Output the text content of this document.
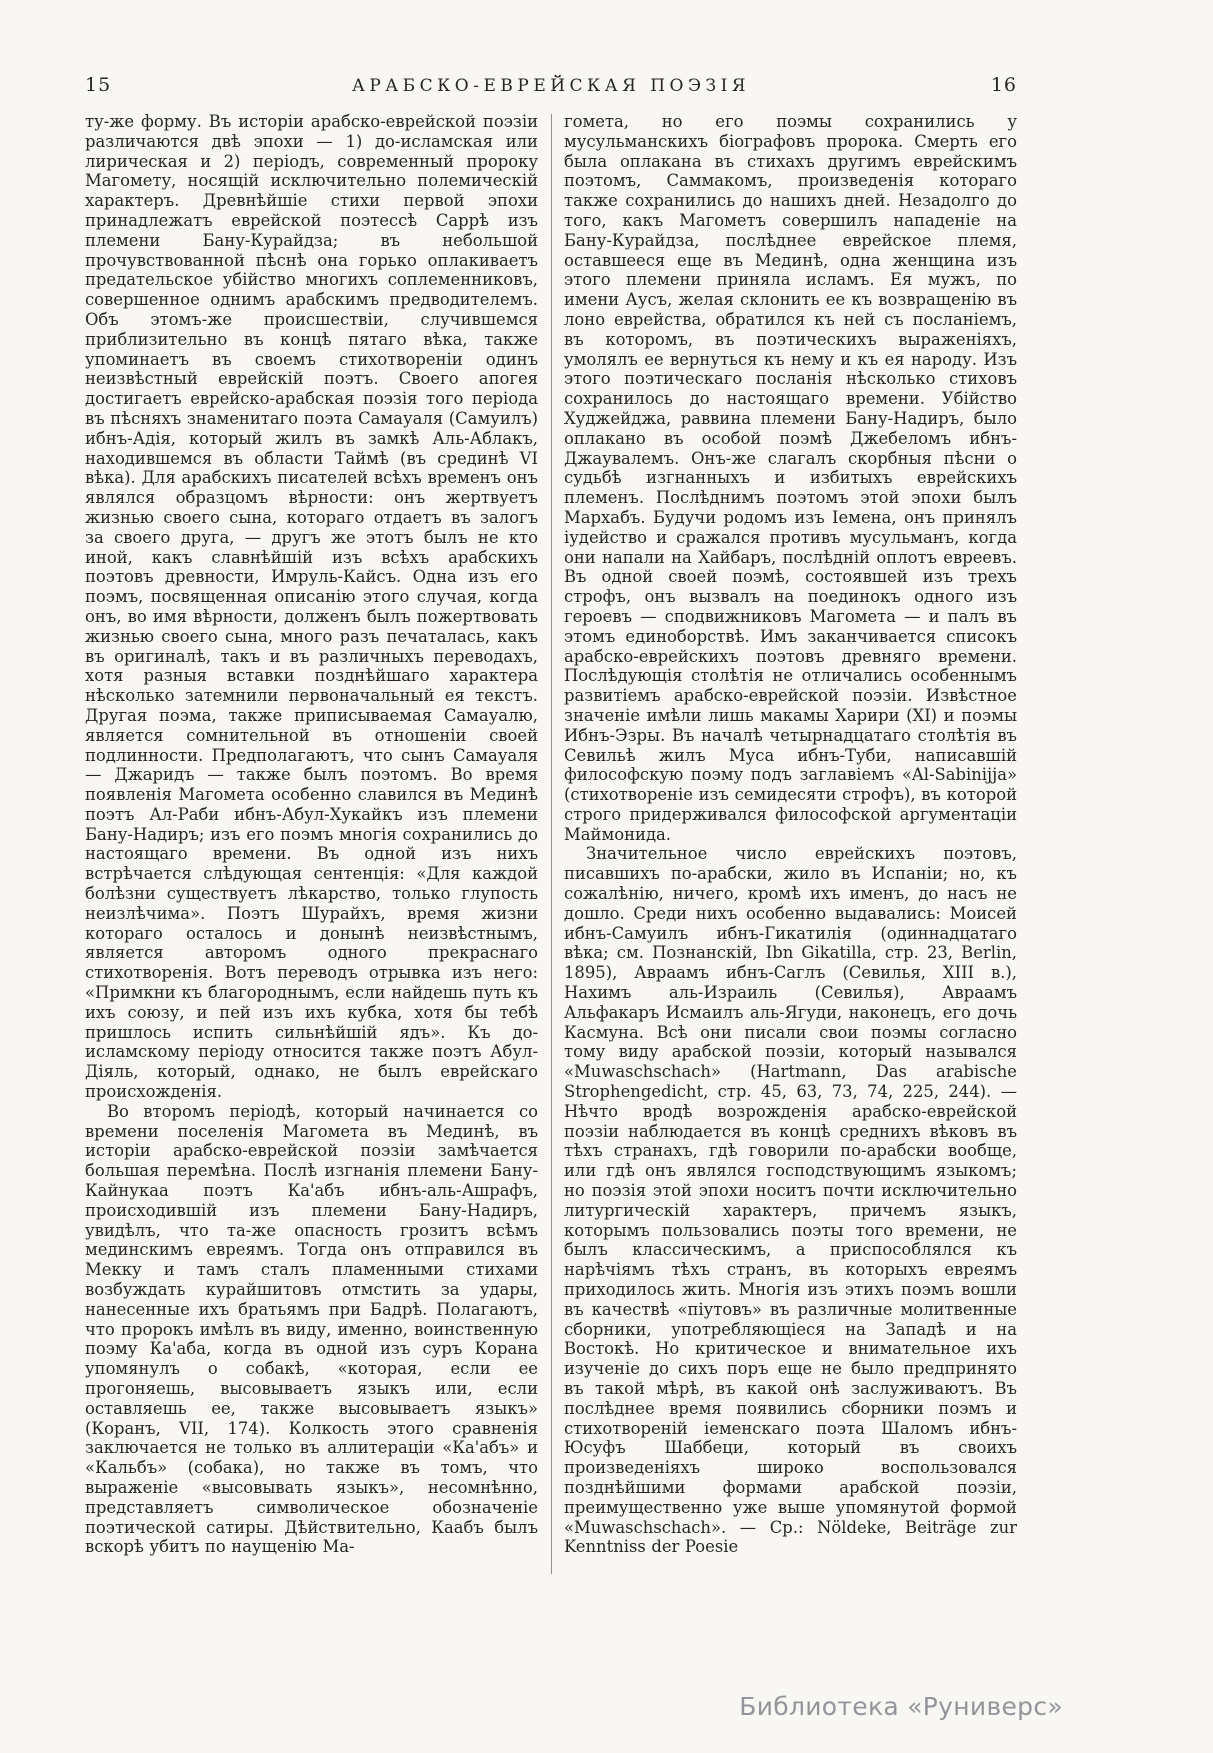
15	АРАБСКО-ЕВРЕЙСКАЯ ПОЭЗІЯ	16

ту-же форму. Въ исторіи арабско-еврейской поэзіи различаются двѣ эпохи — 1) до-исламская или лирическая и 2) періодъ, современный пророку Магомету, носящій исключительно полемическій характеръ. Древнѣйшіе стихи первой эпохи принадлежатъ еврейской поэтессѣ Саррѣ изъ племени Бану-Курайдза; въ небольшой прочувствованной пѣснѣ она горько оплакиваетъ предательское убійство многихъ соплеменниковъ, совершенное однимъ арабскимъ предводителемъ. Объ этомъ-же происшествіи, случившемся приблизительно въ концѣ пятаго вѣка, также упоминаетъ въ своемъ стихотвореніи одинъ неизвѣстный еврейскій поэтъ. Своего апогея достигаетъ еврейско-арабская поэзія того періода въ пѣсняхъ знаменитаго поэта Самауаля (Самуилъ) ибнъ-Адія, который жилъ въ замкѣ Аль-Аблакъ, находившемся въ области Таймѣ (въ срединѣ VI вѣка). Для арабскихъ писателей всѣхъ временъ онъ являлся образцомъ вѣрности: онъ жертвуетъ жизнью своего сына, котораго отдаетъ въ залогъ за своего друга, — другъ же этотъ былъ не кто иной, какъ славнѣйшій изъ всѣхъ арабскихъ поэтовъ древности, Имруль-Кайсъ. Одна изъ его поэмъ, посвященная описанію этого случая, когда онъ, во имя вѣрности, долженъ былъ пожертвовать жизнью своего сына, много разъ печаталась, какъ въ оригиналѣ, такъ и въ различныхъ переводахъ, хотя разныя вставки позднѣйшаго характера нѣсколько затемнили первоначальный ея текстъ. Другая поэма, также приписываемая Самауалю, является сомнительной въ отношеніи своей подлинности. Предполагаютъ, что сынъ Самауаля — Джаридъ — также былъ поэтомъ. Во время появленія Магомета особенно славился въ Мединѣ поэтъ Ал-Раби ибнъ-Абул-Хукайкъ изъ племени Бану-Надиръ; изъ его поэмъ многія сохранились до настоящаго времени. Въ одной изъ нихъ встрѣчается слѣдующая сентенція: «Для каждой болѣзни существуетъ лѣкарство, только глупость неизлѣчима». Поэтъ Шурайхъ, время жизни котораго осталось и донынѣ неизвѣстнымъ, является авторомъ одного прекраснаго стихотворенія. Вотъ переводъ отрывка изъ него: «Примкни къ благороднымъ, если найдешь путь къ ихъ союзу, и пей изъ ихъ кубка, хотя бы тебѣ пришлось испить сильнѣйшій ядъ». Къ до-исламскому періоду относится также поэтъ Абул-Діяль, который, однако, не былъ еврейскаго происхожденія.

Во второмъ періодѣ, который начинается со времени поселенія Магомета въ Мединѣ, въ исторіи арабско-еврейской поэзіи замѣчается большая перемѣна. Послѣ изгнанія племени Бану-Кайнукаа поэтъ Ка'абъ ибнъ-аль-Ашрафъ, происходившій изъ племени Бану-Надиръ, увидѣлъ, что та-же опасность грозитъ всѣмъ мединскимъ евреямъ. Тогда онъ отправился въ Мекку и тамъ сталъ пламенными стихами возбуждать курайшитовъ отмстить за удары, нанесенные ихъ братьямъ при Бадрѣ. Полагаютъ, что пророкъ имѣлъ въ виду, именно, воинственную поэму Ка'аба, когда въ одной изъ суръ Корана упомянулъ о собакѣ, «которая, если ее прогоняешь, высовываетъ языкъ или, если оставляешь ее, также высовываетъ языкъ» (Коранъ, VII, 174). Колкость этого сравненія заключается не только въ аллитераціи «Ка'абъ» и «Кальбъ» (собака), но также въ томъ, что выраженіе «высовывать языкъ», несомнѣнно, представляетъ символическое обозначеніе поэтической сатиры. Дѣйствительно, Каабъ былъ вскорѣ убитъ по наущенію Ма-

гомета, но его поэмы сохранились у мусульманскихъ біографовъ пророка. Смерть его была оплакана въ стихахъ другимъ еврейскимъ поэтомъ, Саммакомъ, произведенія котораго также сохранились до нашихъ дней. Незадолго до того, какъ Магометъ совершилъ нападеніе на Бану-Курайдза, послѣднее еврейское племя, оставшееся еще въ Мединѣ, одна женщина изъ этого племени приняла исламъ. Ея мужъ, по имени Аусъ, желая склонить ее къ возвращенію въ лоно еврейства, обратился къ ней съ посланіемъ, въ которомъ, въ поэтическихъ выраженіяхъ, умолялъ ее вернуться къ нему и къ ея народу. Изъ этого поэтическаго посланія нѣсколько стиховъ сохранилось до настоящаго времени. Убійство Худжейджа, раввина племени Бану-Надиръ, было оплакано въ особой поэмѣ Джебеломъ ибнъ-Джаувалемъ. Онъ-же слагалъ скорбныя пѣсни о судьбѣ изгнанныхъ и избитыхъ еврейскихъ племенъ. Послѣднимъ поэтомъ этой эпохи былъ Мархабъ. Будучи родомъ изъ Іемена, онъ принялъ іудейство и сражался противъ мусульманъ, когда они напали на Хайбаръ, послѣдній оплотъ евреевъ. Въ одной своей поэмѣ, состоявшей изъ трехъ строфъ, онъ вызвалъ на поединокъ одного изъ героевъ — сподвижниковъ Магомета — и палъ въ этомъ единоборствѣ. Имъ заканчивается списокъ арабско-еврейскихъ поэтовъ древняго времени. Послѣдующія столѣтія не отличались особеннымъ развитіемъ арабско-еврейской поэзіи. Извѣстное значеніе имѣли лишь макамы Харири (XI) и поэмы Ибнъ-Эзры. Въ началѣ четырнадцатаго столѣтія въ Севильѣ жилъ Муса ибнъ-Туби, написавшій философскую поэму подъ заглавіемъ «Al-Sabinijja» (стихотвореніе изъ семидесяти строфъ), въ которой строго придерживался философской аргументаціи Маймонида.

Значительное число еврейскихъ поэтовъ, писавшихъ по-арабски, жило въ Испаніи; но, къ сожалѣнію, ничего, кромѣ ихъ именъ, до насъ не дошло. Среди нихъ особенно выдавались: Моисей ибнъ-Самуилъ ибнъ-Гикатилія (одиннадцатаго вѣка; см. Познанскій, Ibn Gikatilla, стр. 23, Berlin, 1895), Авраамъ ибнъ-Саглъ (Севилья, XIII в.), Нахимъ аль-Израиль (Севилья), Авраамъ Альфакаръ Исмаилъ аль-Ягуди, наконецъ, его дочь Касмуна. Всѣ они писали свои поэмы согласно тому виду арабской поэзіи, который назывался «Muwaschschach» (Hartmann, Das arabische Strophengedicht, стр. 45, 63, 73, 74, 225, 244). — Нѣчто вродѣ возрожденія арабско-еврейской поэзіи наблюдается въ концѣ среднихъ вѣковъ въ тѣхъ странахъ, гдѣ говорили по-арабски вообще, или гдѣ онъ являлся господствующимъ языкомъ; но поэзія этой эпохи носитъ почти исключительно литургическій характеръ, причемъ языкъ, которымъ пользовались поэты того времени, не былъ классическимъ, а приспособлялся къ нарѣчіямъ тѣхъ странъ, въ которыхъ евреямъ приходилось жить. Многія изъ этихъ поэмъ вошли въ качествѣ «піутовъ» въ различные молитвенные сборники, употребляющіеся на Западѣ и на Востокѣ. Но критическое и внимательное ихъ изученіе до сихъ поръ еще не было предпринято въ такой мѣрѣ, въ какой онѣ заслуживаютъ. Въ послѣднее время появились сборники поэмъ и стихотвореній іеменскаго поэта Шаломъ ибнъ-Юсуфъ Шаббеци, который въ своихъ произведеніяхъ широко воспользовался позднѣйшими формами арабской поэзіи, преимущественно уже выше упомянутой формой «Muwaschschach». — Ср.: Nöldeke, Beiträge zur Kenntniss der Poesie

Библиотека «Руниверс»
